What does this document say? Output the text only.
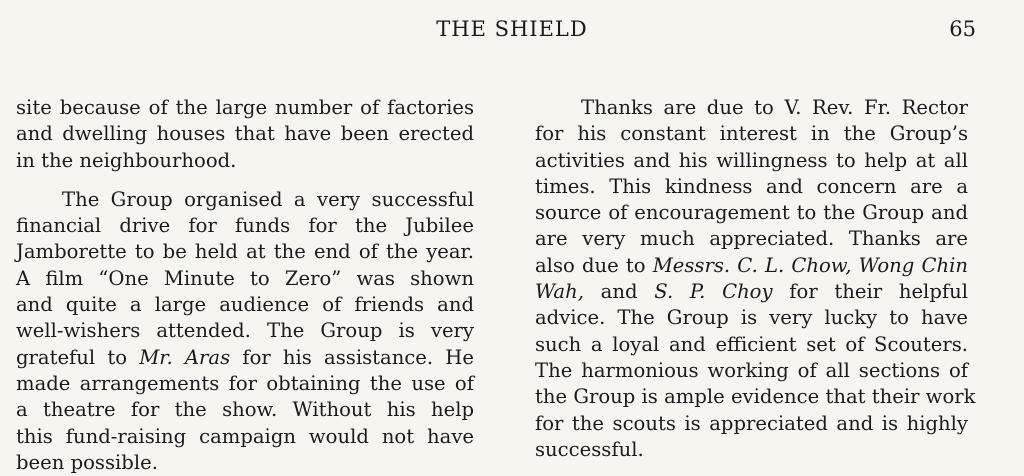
THE SHIELD	65
site because of the large number of factories
and dwelling houses that have been erected
in the neighbourhood.
The Group organised a very successful
financial drive for funds for the Jubilee
Jamborette to be held at the end of the year.
A film “One Minute to Zero” was shown
and quite a large audience of friends and
well-wishers attended. The Group is very
grateful to Mr. Aras for his assistance. He
made arrangements for obtaining the use of
a theatre for the show. Without his help
this fund-raising campaign would not have
been possible.
Thanks are due to V. Rev. Fr. Rector
for his constant interest in the Group’s
activities and his willingness to help at all
times. This kindness and concern are a
source of encouragement to the Group and
are very much appreciated. Thanks are
also due to Messrs. C. L. Chow, Wong Chin
Wah, and S. P. Choy for their helpful
advice. The Group is very lucky to have
such a loyal and efficient set of Scouters.
The harmonious working of all sections of
the Group is ample evidence that their work
for the scouts is appreciated and is highly
successful.
